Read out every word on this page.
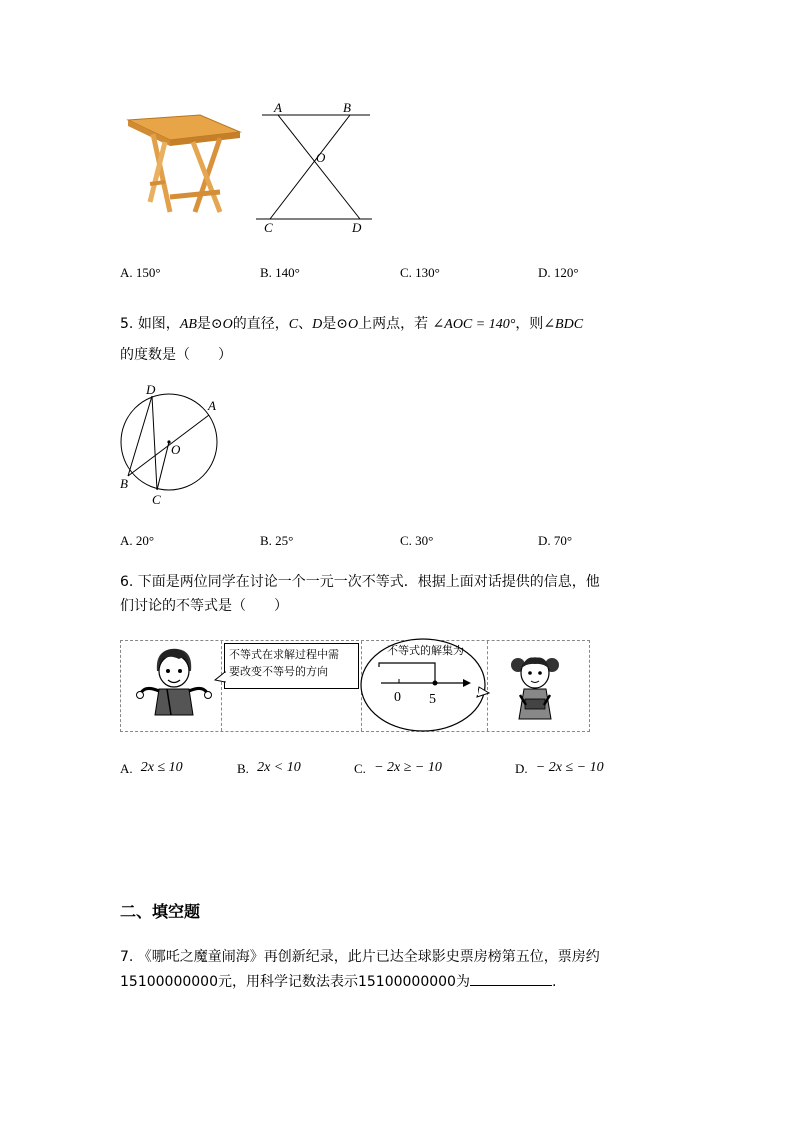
A	B
O
C	D
A. 150°	B. 140°	C. 130°	D. 120°
5. 如图，AB是⊙O的直径，C、D是⊙O上两点，若 ∠AOC = 140°，则∠BDC
的度数是（　　）
D
A
O
B
C
A. 20°	B. 25°	C. 30°	D. 70°
6. 下面是两位同学在讨论一个一元一次不等式．根据上面对话提供的信息，他
们讨论的不等式是（　　）
不等式在求解过程中需
要改变不等号的方向
不等式的解集为
0 5
A. 2x ≤ 10	B. 2x < 10	C. − 2x ≥ − 10	D. − 2x ≤ − 10
二、填空题
7. 《哪吒之魔童闹海》再创新纪录，此片已达全球影史票房榜第五位，票房约
15100000000元，用科学记数法表示15100000000为	.
